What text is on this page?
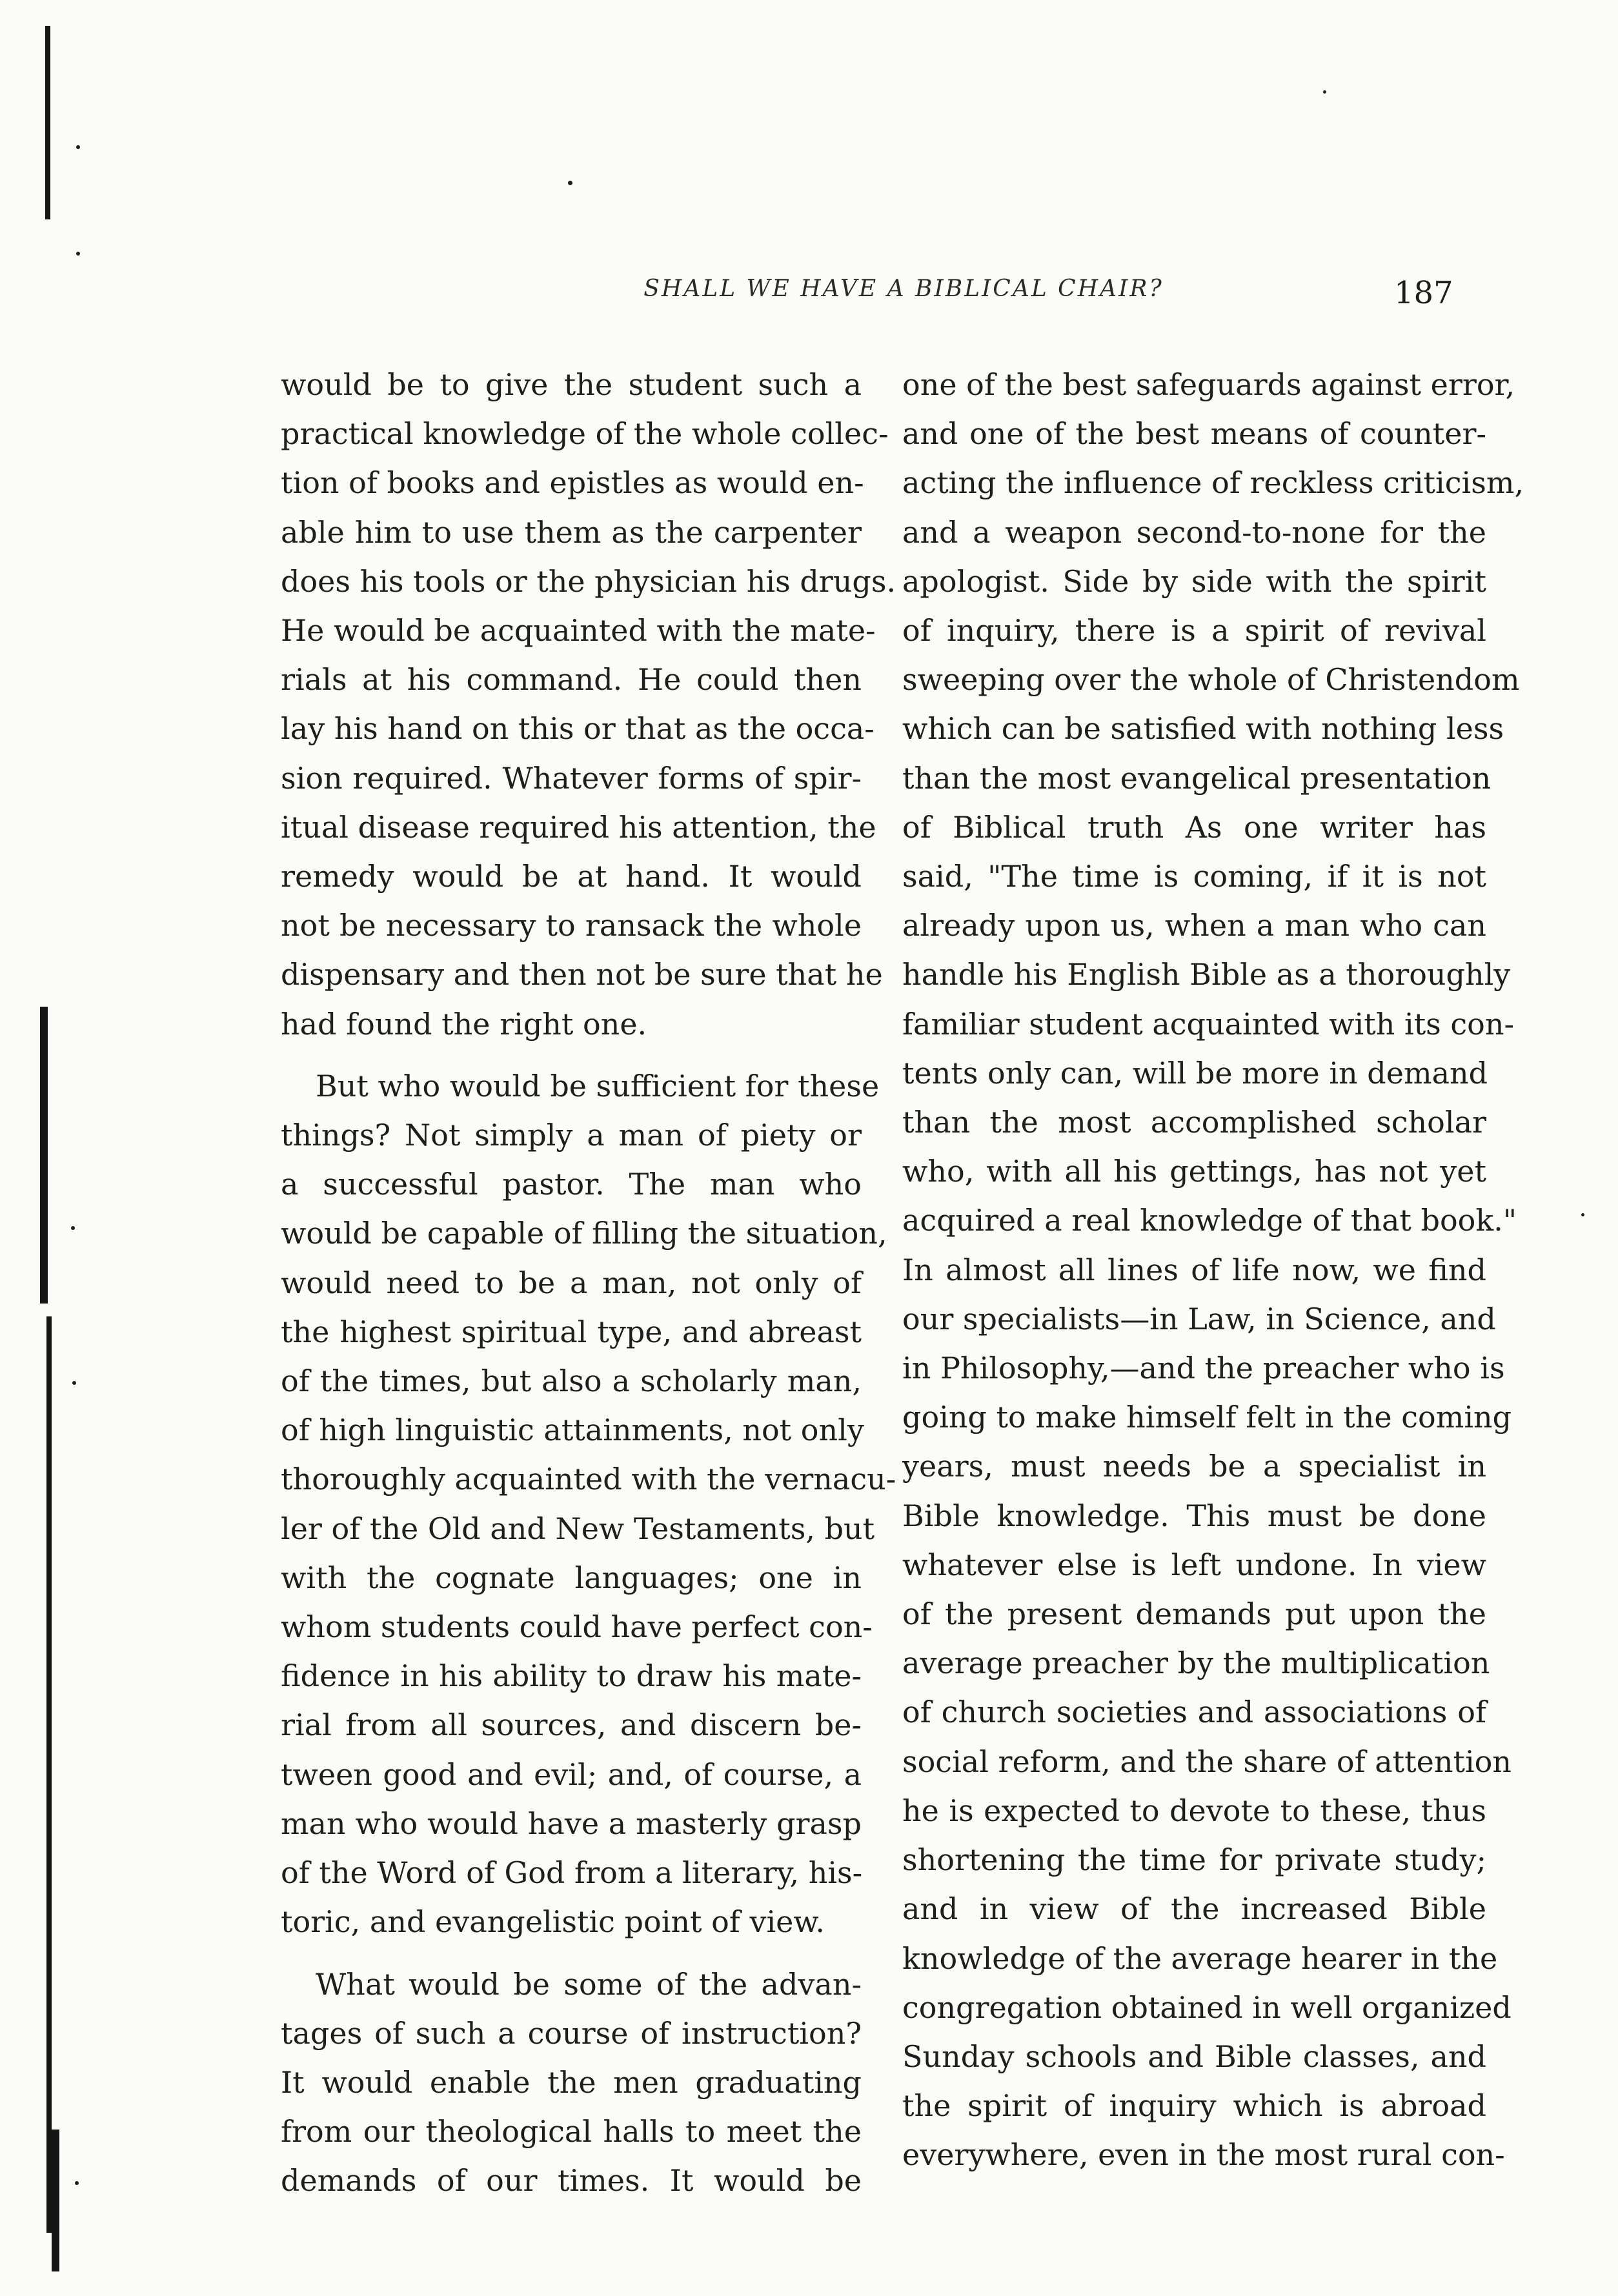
SHALL WE HAVE A BIBLICAL CHAIR?	187
would be to give the student such a
practical knowledge of the whole collec-
tion of books and epistles as would en-
able him to use them as the carpenter
does his tools or the physician his drugs.
He would be acquainted with the mate-
rials at his command. He could then
lay his hand on this or that as the occa-
sion required. Whatever forms of spir-
itual disease required his attention, the
remedy would be at hand. It would
not be necessary to ransack the whole
dispensary and then not be sure that he
had found the right one.
But who would be sufficient for these
things? Not simply a man of piety or
a successful pastor. The man who
would be capable of filling the situation,
would need to be a man, not only of
the highest spiritual type, and abreast
of the times, but also a scholarly man,
of high linguistic attainments, not only
thoroughly acquainted with the vernacu-
ler of the Old and New Testaments, but
with the cognate languages; one in
whom students could have perfect con-
fidence in his ability to draw his mate-
rial from all sources, and discern be-
tween good and evil; and, of course, a
man who would have a masterly grasp
of the Word of God from a literary, his-
toric, and evangelistic point of view.
What would be some of the advan-
tages of such a course of instruction?
It would enable the men graduating
from our theological halls to meet the
demands of our times. It would be
one of the best safeguards against error,
and one of the best means of counter-
acting the influence of reckless criticism,
and a weapon second-to-none for the
apologist. Side by side with the spirit
of inquiry, there is a spirit of revival
sweeping over the whole of Christendom
which can be satisfied with nothing less
than the most evangelical presentation
of Biblical truth As one writer has
said, "The time is coming, if it is not
already upon us, when a man who can
handle his English Bible as a thoroughly
familiar student acquainted with its con-
tents only can, will be more in demand
than the most accomplished scholar
who, with all his gettings, has not yet
acquired a real knowledge of that book."
In almost all lines of life now, we find
our specialists—in Law, in Science, and
in Philosophy,—and the preacher who is
going to make himself felt in the coming
years, must needs be a specialist in
Bible knowledge. This must be done
whatever else is left undone. In view
of the present demands put upon the
average preacher by the multiplication
of church societies and associations of
social reform, and the share of attention
he is expected to devote to these, thus
shortening the time for private study;
and in view of the increased Bible
knowledge of the average hearer in the
congregation obtained in well organized
Sunday schools and Bible classes, and
the spirit of inquiry which is abroad
everywhere, even in the most rural con-
